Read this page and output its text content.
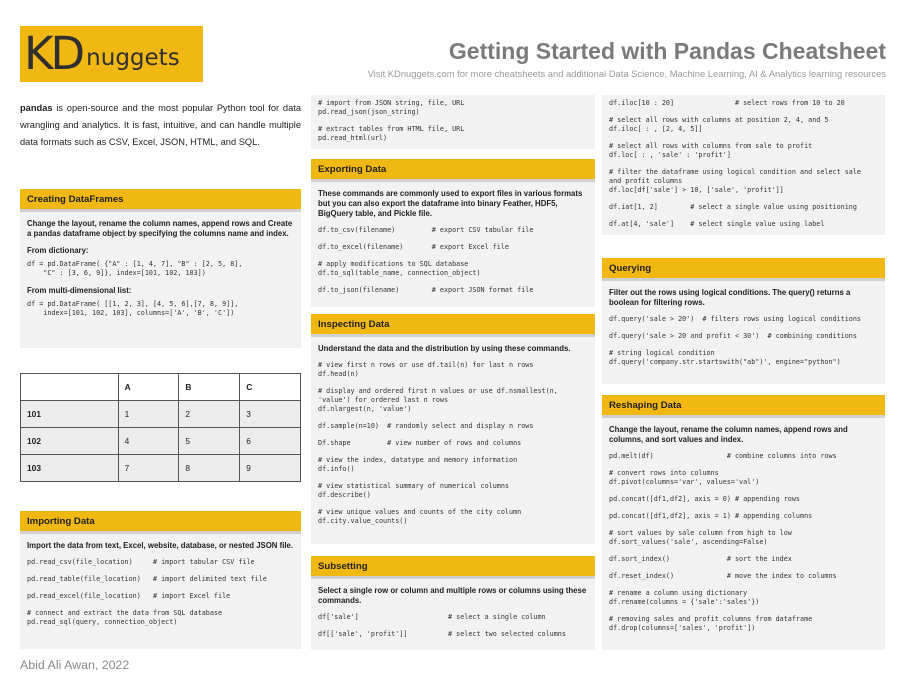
KD nuggets	Getting Started with Pandas Cheatsheet
Visit KDnuggets.com for more cheatsheets and additional Data Science, Machine Learning, AI & Analytics learning resources

pandas is open-source and the most popular Python tool for data wrangling and analytics. It is fast, intuitive, and can handle multiple data formats such as CSV, Excel, JSON, HTML, and SQL.

Creating DataFrames
Change the layout, rename the column names, append rows and Create a pandas dataframe object by specifying the columns name and index.
From dictionary:
df = pd.DataFrame( {"A" : [1, 4, 7], "B" : [2, 5, 8],
"C" : [3, 6, 9]}, index=[101, 102, 103])
From multi-dimensional list:
df = pd.DataFrame( [[1, 2, 3], [4, 5, 6],[7, 8, 9]],
index=[101, 102, 103], columns=['A', 'B', 'C'])
	A	B	C
101	1	2	3
102	4	5	6
103	7	8	9
Importing Data
Import the data from text, Excel, website, database, or nested JSON file.
pd.read_csv(file_location)     # import tabular CSV file
pd.read_table(file_location)   # import delimited text file
pd.read_excel(file_location)   # import Excel file
# connect and extract the data from SQL database
pd.read_sql(query, connection_object)
Abid Ali Awan, 2022
# import from JSON string, file, URL
pd.read_json(json_string)
# extract tables from HTML file, URL
pd.read_html(url)
Exporting Data
These commands are commonly used to export files in various formats but you can also export the dataframe into binary Feather, HDF5, BigQuery table, and Pickle file.
df.to_csv(filename)         # export CSV tabular file
df.to_excel(filename)       # export Excel file
# apply modifications to SQL database
df.to_sql(table_name, connection_object)
df.to_json(filename)        # export JSON format file
Inspecting Data
Understand the data and the distribution by using these commands.
# view first n rows or use df.tail(n) for last n rows
df.head(n)
# display and ordered first n values or use df.nsmallest(n,
'value') for ordered last n rows
df.nlargest(n, 'value')
df.sample(n=10)  # randomly select and display n rows
Df.shape         # view number of rows and columns
# view the index, datatype and memory information
df.info()
# view statistical summary of numerical columns
df.describe()
# view unique values and counts of the city column
df.city.value_counts()
Subsetting
Select a single row or column and multiple rows or columns using these commands.
df['sale']                      # select a single column
df[['sale', 'profit']]          # select two selected columns
df.iloc[10 : 20]               # select rows from 10 to 20
# select all rows with columns at position 2, 4, and 5
df.iloc[ : , [2, 4, 5]]
# select all rows with columns from sale to profit
df.loc[ : , 'sale' : 'profit']
# filter the dataframe using logical condition and select sale
and profit columns
df.loc[df['sale'] > 10, ['sale', 'profit']]
df.iat[1, 2]        # select a single value using positioning
df.at[4, 'sale']    # select single value using label
Querying
Filter out the rows using logical conditions. The query() returns a boolean for filtering rows.
df.query('sale > 20')  # filters rows using logical conditions
df.query('sale > 20 and profit < 30')  # combining conditions
# string logical condition
df.query('company.str.startswith("ab")', engine="python")
Reshaping Data
Change the layout, rename the column names, append rows and columns, and sort values and index.
pd.melt(df)                  # combine columns into rows
# convert rows into columns
df.pivot(columns='var', values='val')
pd.concat([df1,df2], axis = 0) # appending rows
pd.concat([df1,df2], axis = 1) # appending columns
# sort values by sale column from high to low
df.sort_values('sale', ascending=False)
df.sort_index()              # sort the index
df.reset_index()             # move the index to columns
# rename a column using dictionary
df.rename(columns = {'sale':'sales'})
# removing sales and profit columns from dataframe
df.drop(columns=['sales', 'profit'])
